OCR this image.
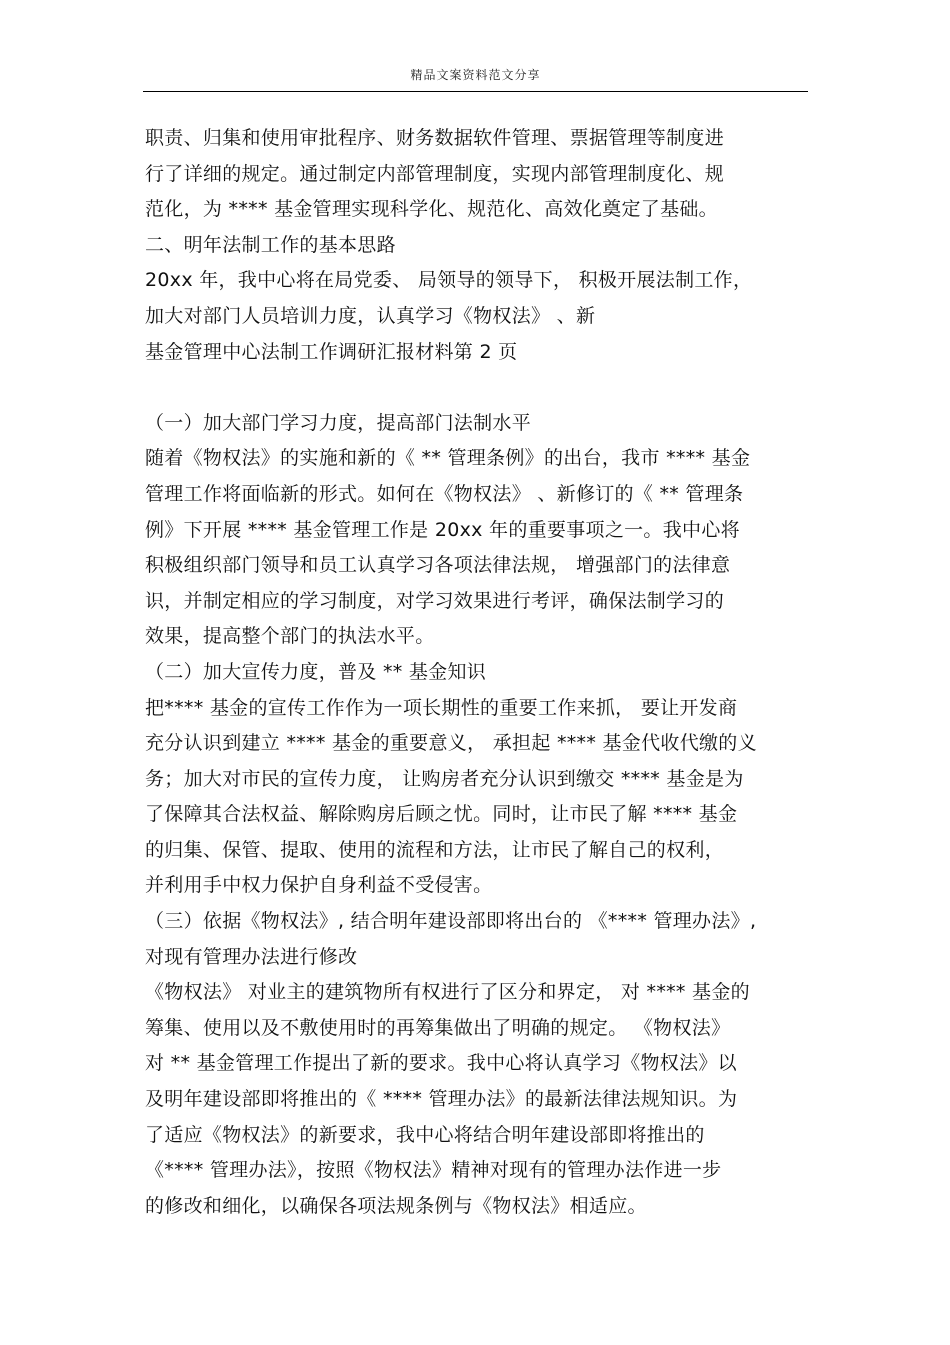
精品文案资料范文分享
职责、归集和使用审批程序、财务数据软件管理、票据管理等制度进
行了详细的规定。通过制定内部管理制度，实现内部管理制度化、规
范化，为 **** 基金管理实现科学化、规范化、高效化奠定了基础。
二、明年法制工作的基本思路
20xx 年，我中心将在局党委、 局领导的领导下， 积极开展法制工作，
加大对部门人员培训力度，认真学习《物权法》 、新
基金管理中心法制工作调研汇报材料第 2 页
（一）加大部门学习力度，提高部门法制水平
随着《物权法》的实施和新的《 ** 管理条例》的出台，我市 **** 基金
管理工作将面临新的形式。如何在《物权法》 、新修订的《 ** 管理条
例》下开展 **** 基金管理工作是 20xx 年的重要事项之一。我中心将
积极组织部门领导和员工认真学习各项法律法规， 增强部门的法律意
识，并制定相应的学习制度，对学习效果进行考评，确保法制学习的
效果，提高整个部门的执法水平。
（二）加大宣传力度，普及 ** 基金知识
把**** 基金的宣传工作作为一项长期性的重要工作来抓， 要让开发商
充分认识到建立 **** 基金的重要意义， 承担起 **** 基金代收代缴的义
务；加大对市民的宣传力度， 让购房者充分认识到缴交 **** 基金是为
了保障其合法权益、解除购房后顾之忧。同时，让市民了解 **** 基金
的归集、保管、提取、使用的流程和方法，让市民了解自己的权利，
并利用手中权力保护自身利益不受侵害。
（三）依据《物权法》, 结合明年建设部即将出台的 《**** 管理办法》,
对现有管理办法进行修改
《物权法》 对业主的建筑物所有权进行了区分和界定， 对 **** 基金的
筹集、使用以及不敷使用时的再筹集做出了明确的规定。 《物权法》
对 ** 基金管理工作提出了新的要求。我中心将认真学习《物权法》以
及明年建设部即将推出的《 **** 管理办法》的最新法律法规知识。为
了适应《物权法》的新要求，我中心将结合明年建设部即将推出的
《**** 管理办法》，按照《物权法》精神对现有的管理办法作进一步
的修改和细化，以确保各项法规条例与《物权法》相适应。
